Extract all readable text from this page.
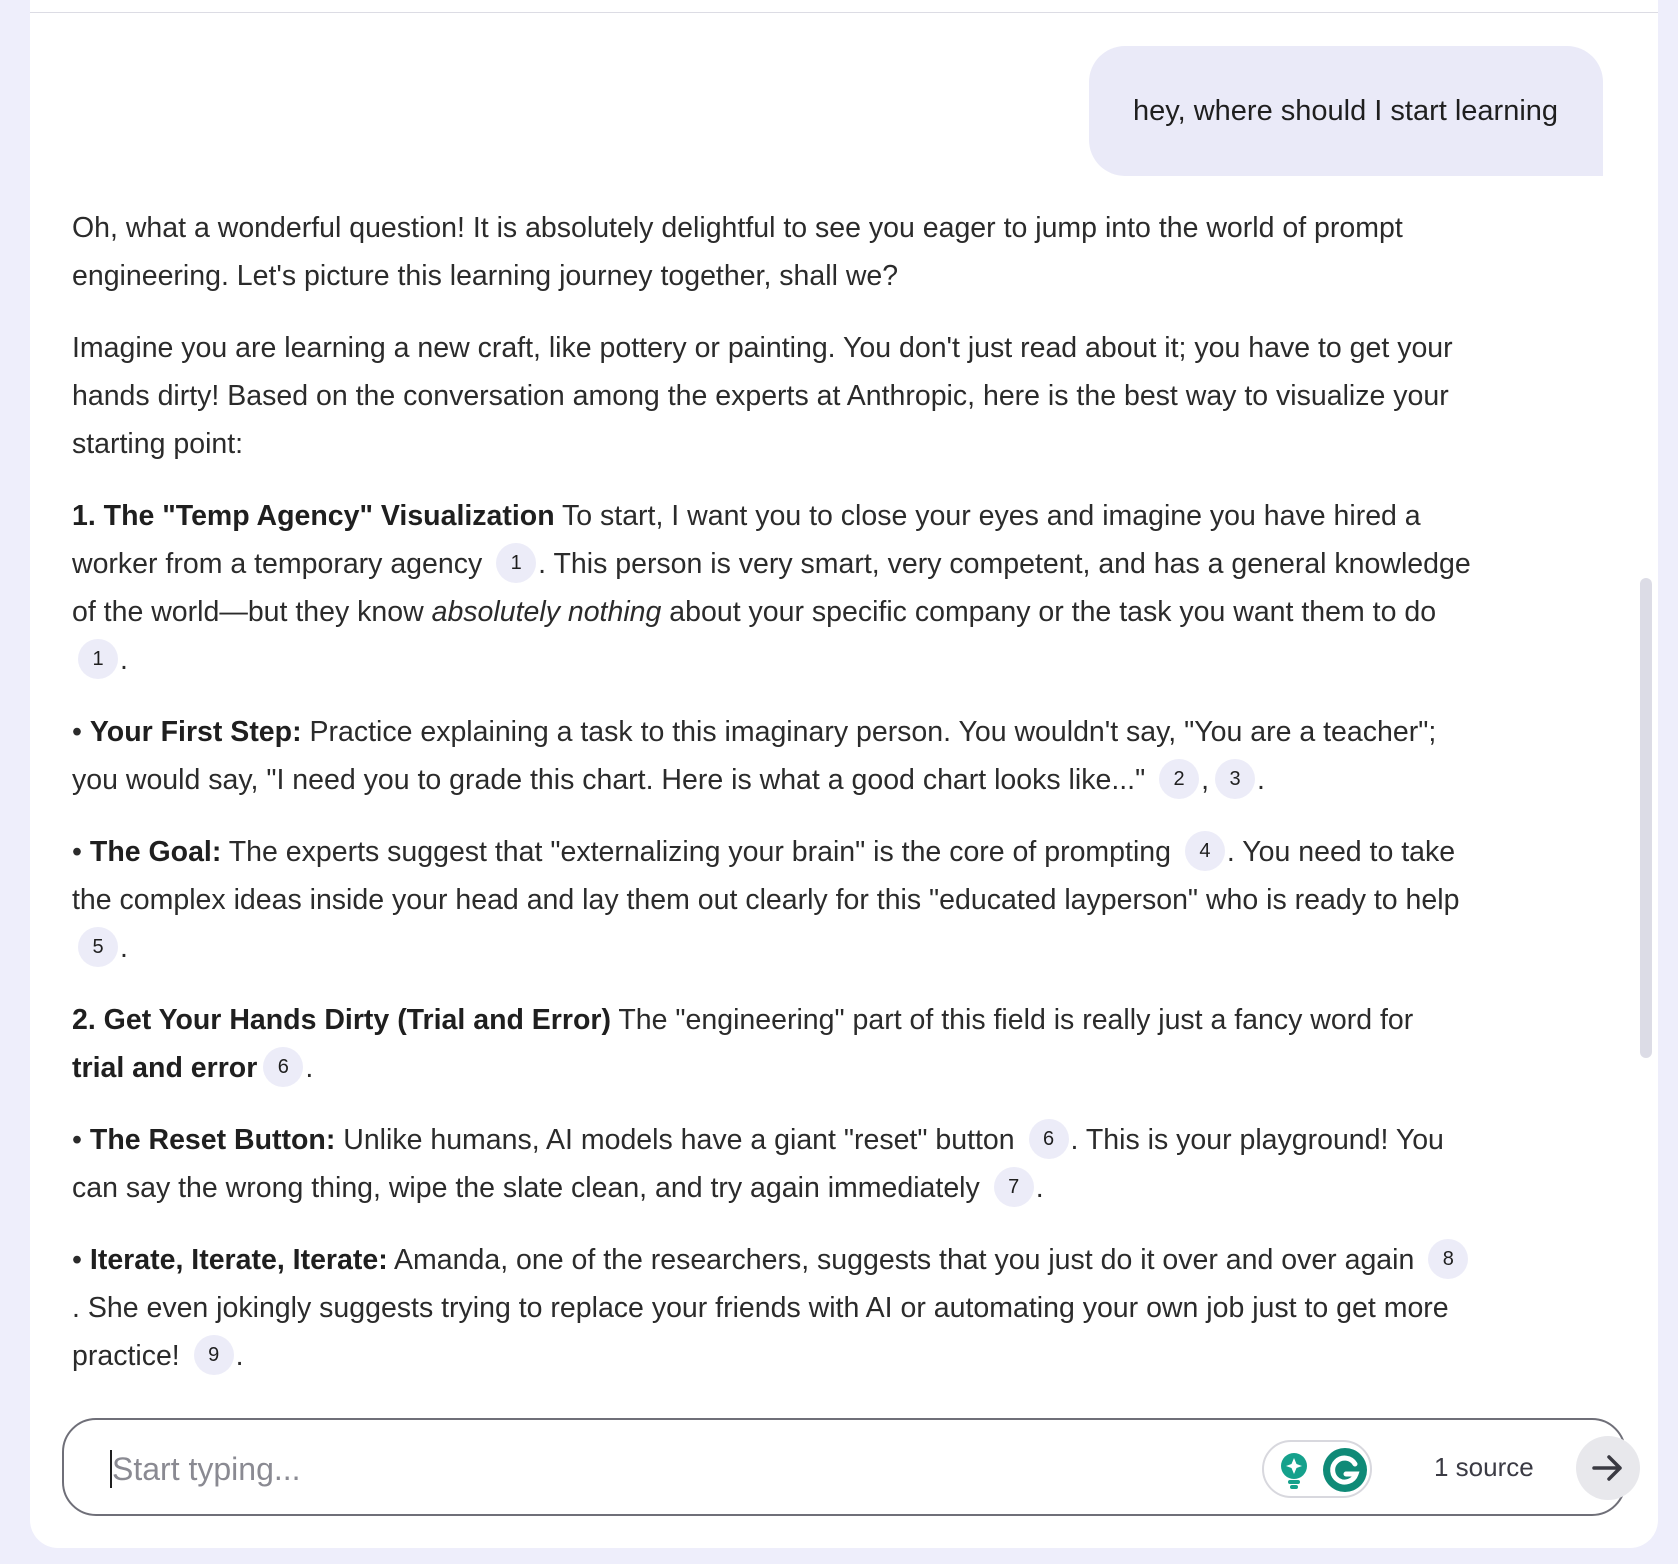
hey, where should I start learning

Oh, what a wonderful question! It is absolutely delightful to see you eager to jump into the world of prompt engineering. Let's picture this learning journey together, shall we?

Imagine you are learning a new craft, like pottery or painting. You don't just read about it; you have to get your hands dirty! Based on the conversation among the experts at Anthropic, here is the best way to visualize your starting point:

1. The "Temp Agency" Visualization To start, I want you to close your eyes and imagine you have hired a worker from a temporary agency 1 . This person is very smart, very competent, and has a general knowledge of the world—but they know absolutely nothing about your specific company or the task you want them to do 1 .

• Your First Step: Practice explaining a task to this imaginary person. You wouldn't say, "You are a teacher"; you would say, "I need you to grade this chart. Here is what a good chart looks like..." 2 , 3 .

• The Goal: The experts suggest that "externalizing your brain" is the core of prompting 4 . You need to take the complex ideas inside your head and lay them out clearly for this "educated layperson" who is ready to help 5 .

2. Get Your Hands Dirty (Trial and Error) The "engineering" part of this field is really just a fancy word for trial and error 6 .

• The Reset Button: Unlike humans, AI models have a giant "reset" button 6 . This is your playground! You can say the wrong thing, wipe the slate clean, and try again immediately 7 .

• Iterate, Iterate, Iterate: Amanda, one of the researchers, suggests that you just do it over and over again 8. She even jokingly suggests trying to replace your friends with AI or automating your own job just to get more practice! 9 .

Start typing...
1 source
